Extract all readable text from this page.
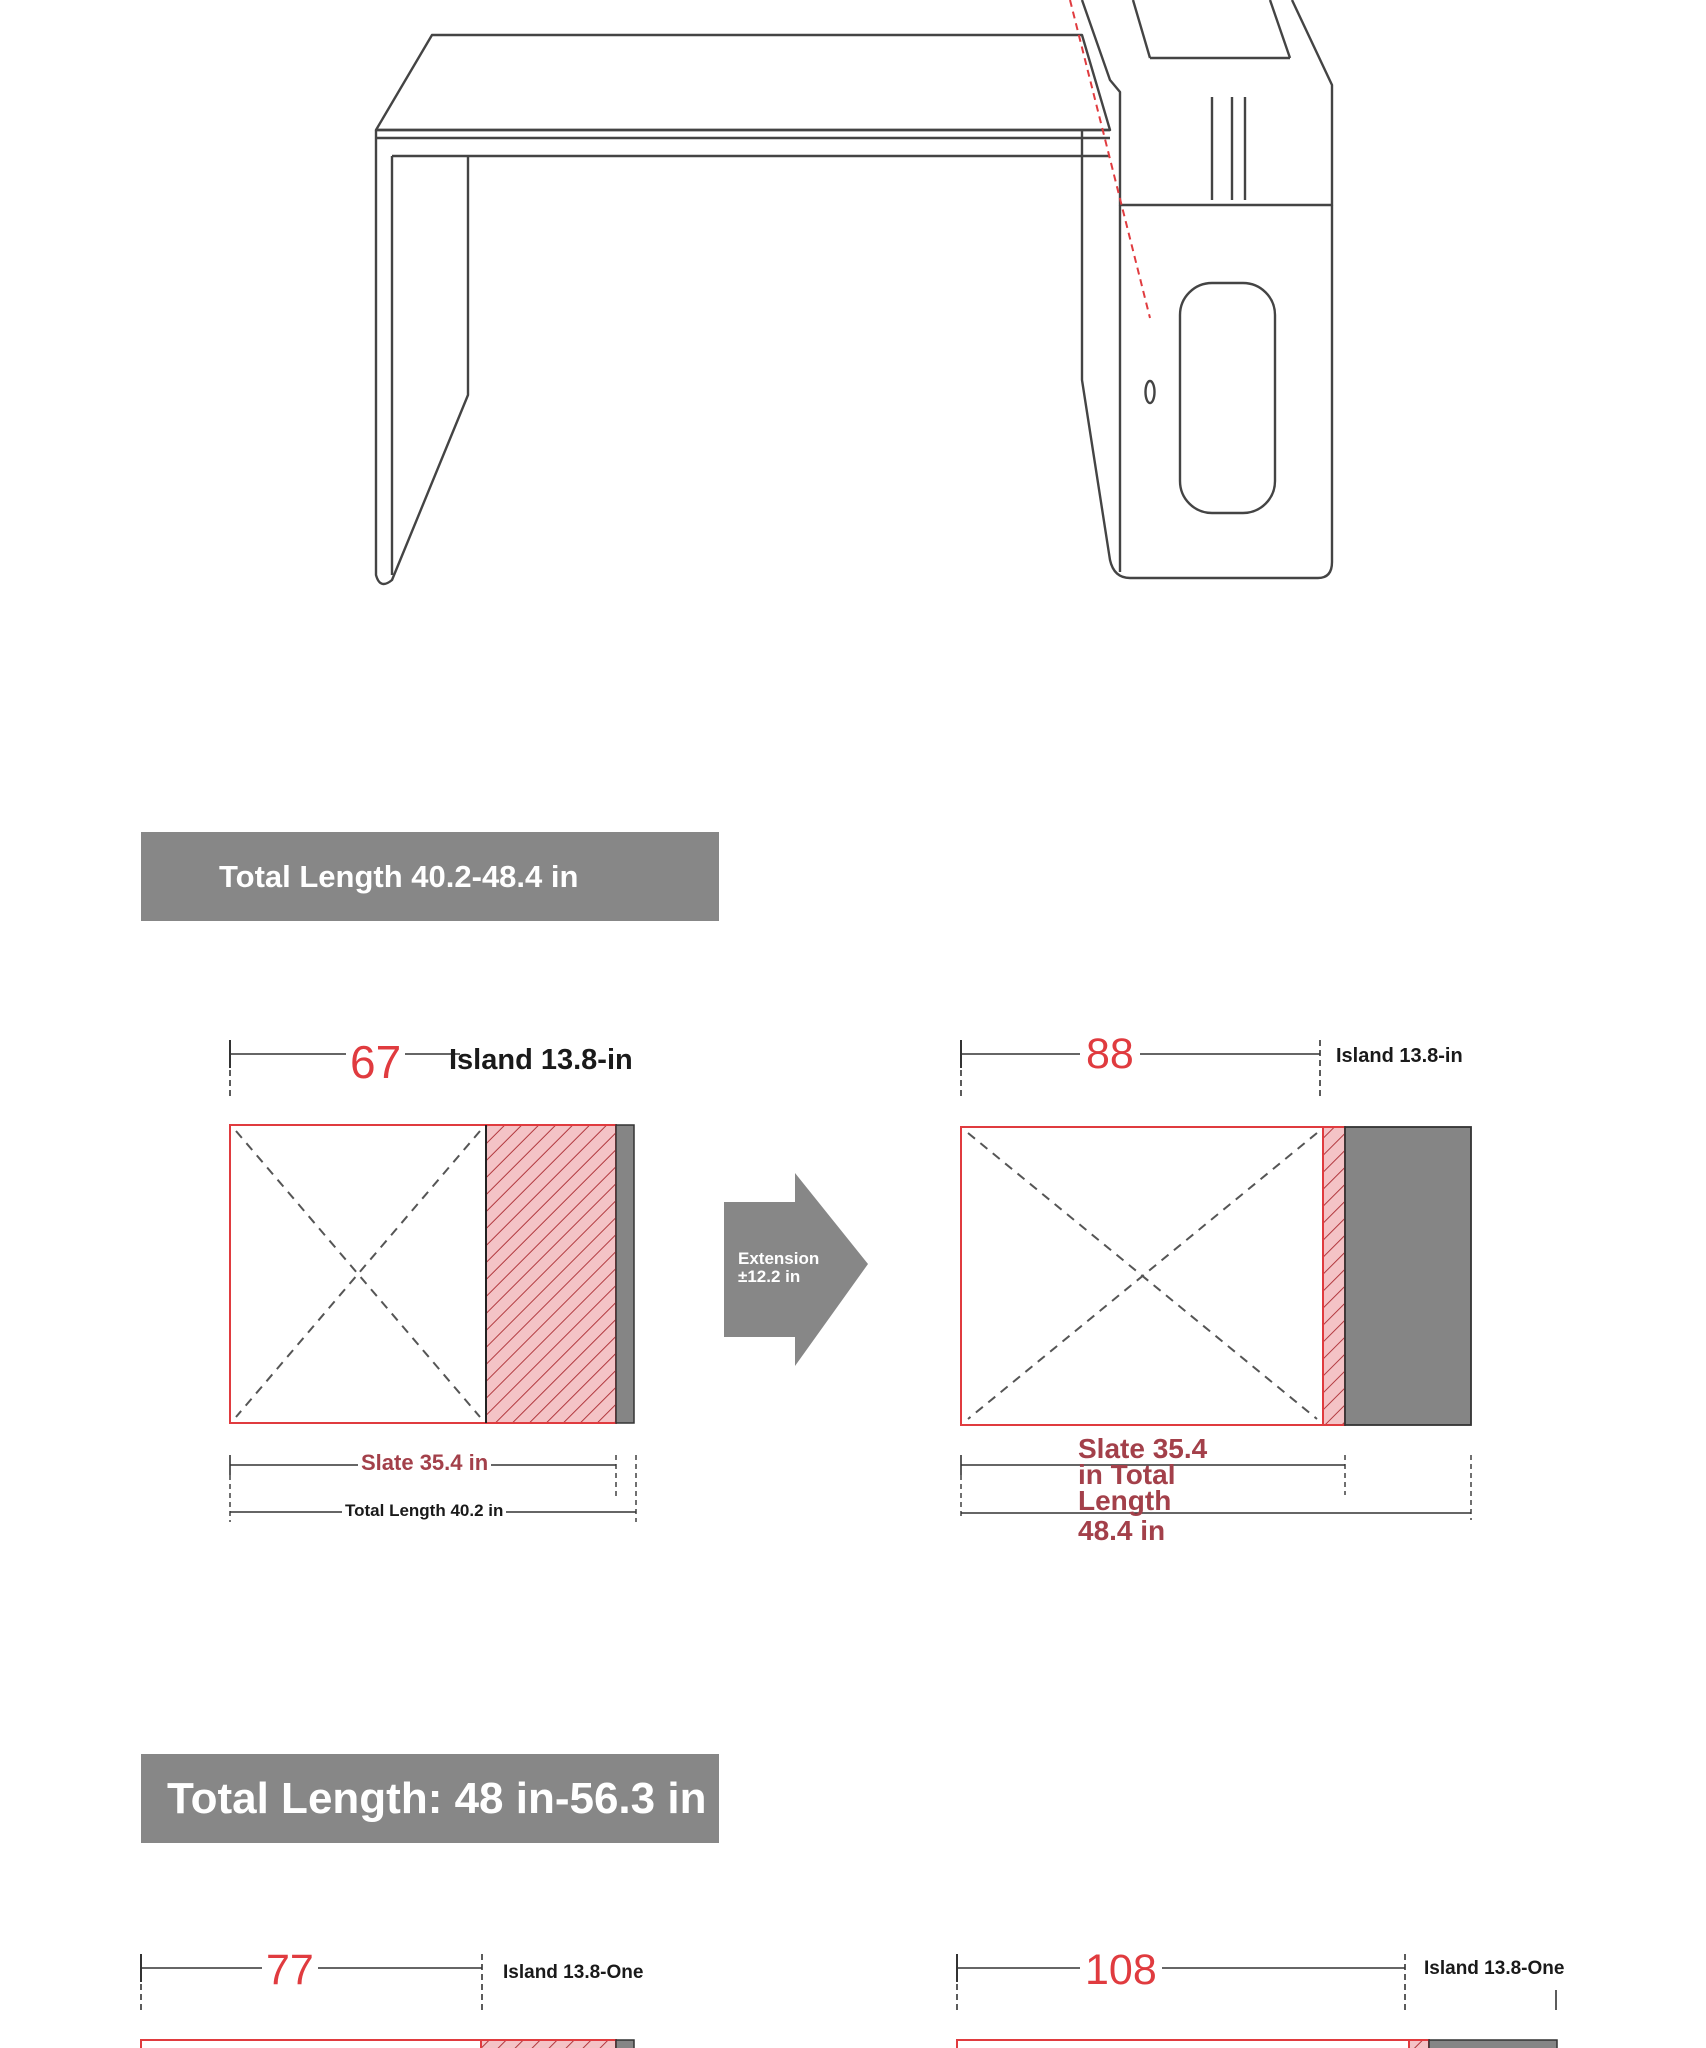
Total Length 40.2-48.4 in
Total Length: 48 in-56.3 in
67 Island 13.8-in
Slate 35.4 in
Total Length 40.2 in
Extension
±12.2 in
88	Island 13.8-in
Slate 35.4
in Total
Length
48.4 in
77	Island 13.8-One	108	Island 13.8-One
